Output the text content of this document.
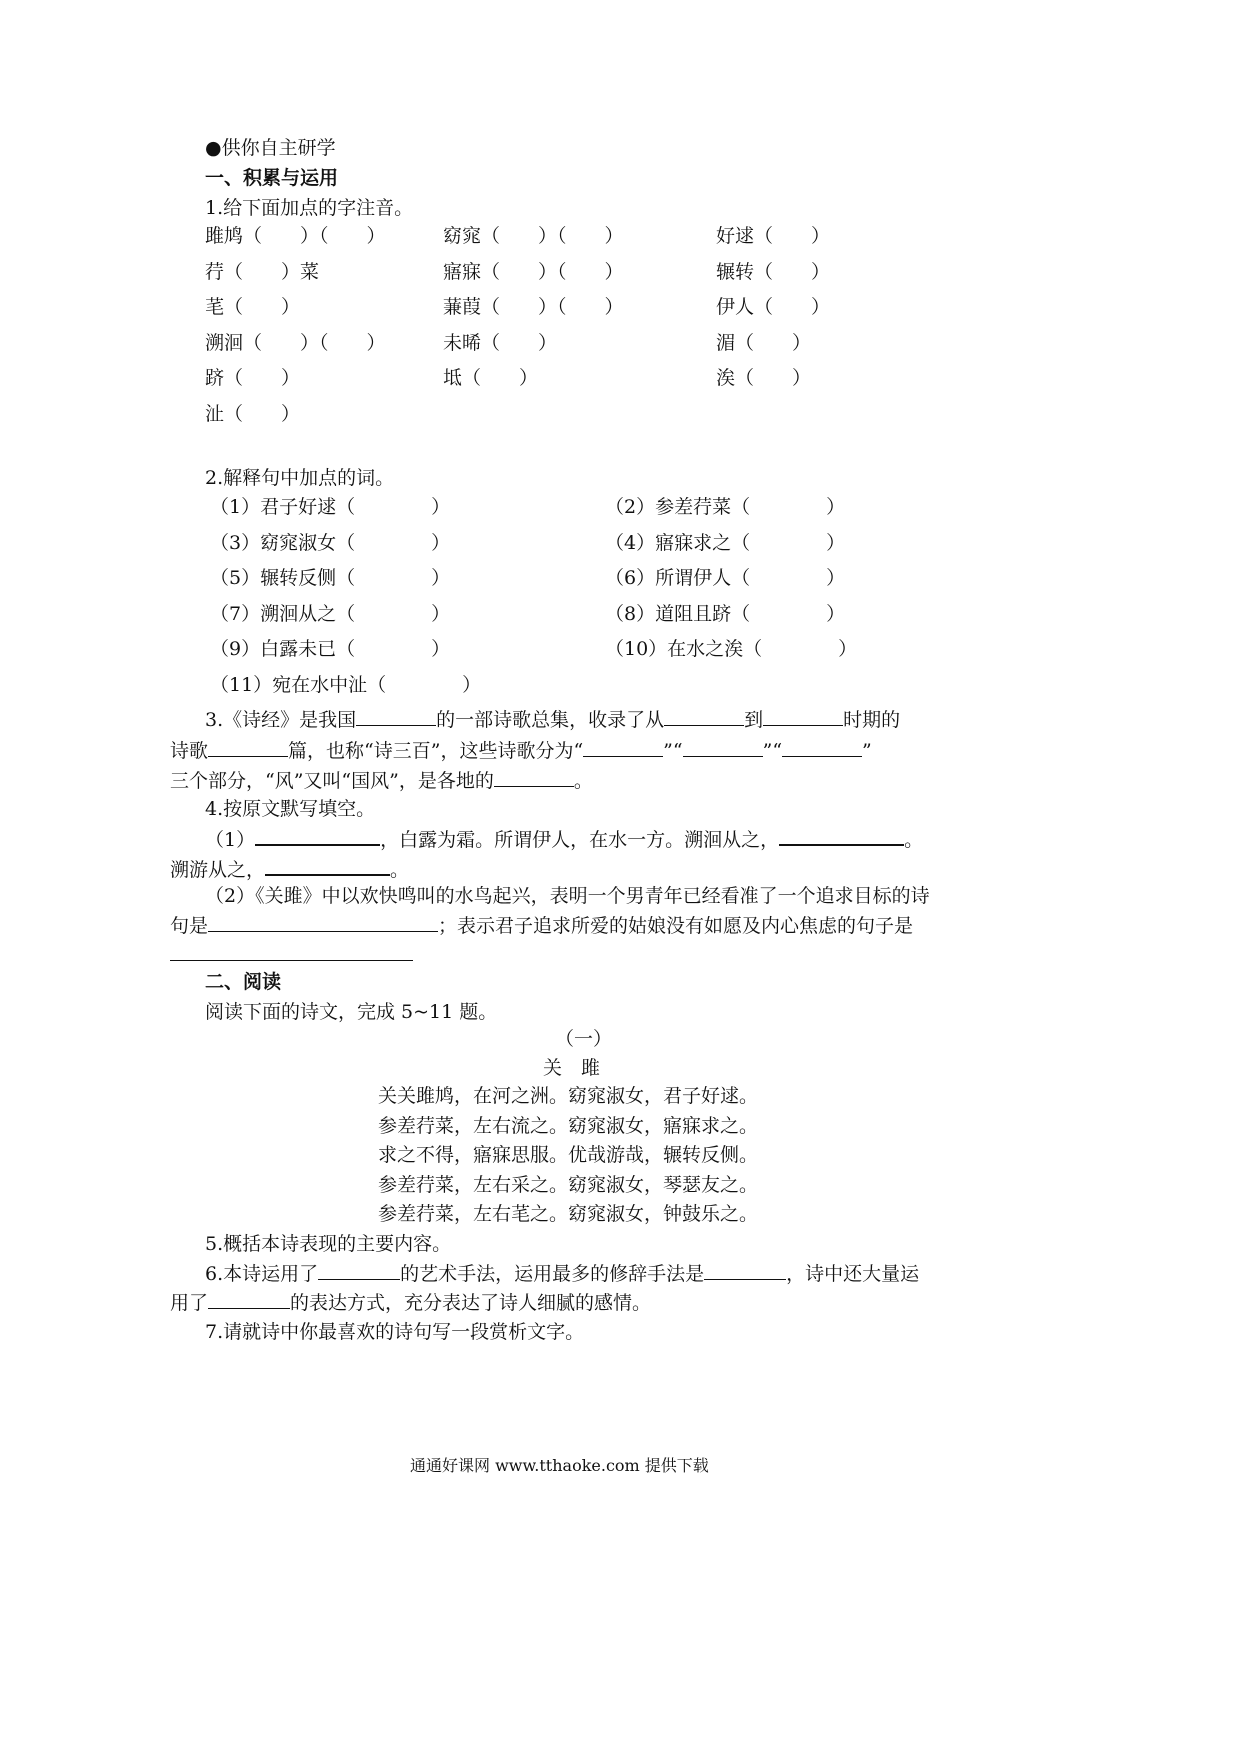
●供你自主研学
一、积累与运用
1.给下面加点的字注音。
雎鸠（　　）（　　）	窈窕（　　）（　　）	好逑（　　）
荇（　　）菜	寤寐（　　）（　　）	辗转（　　）
芼（　　）	蒹葭（　　）（　　）	伊人（　　）
溯洄（　　）（　　）	未晞（　　）	湄（　　）
跻（　　）	坻（　　）	涘（　　）
沚（　　）
2.解释句中加点的词。
（1）君子好逑（　　　　）	（2）参差荇菜（　　　　）
（3）窈窕淑女（　　　　）	（4）寤寐求之（　　　　）
（5）辗转反侧（　　　　）	（6）所谓伊人（　　　　）
（7）溯洄从之（　　　　）	（8）道阻且跻（　　　　）
（9）白露未已（　　　　）	（10）在水之涘（　　　　）
（11）宛在水中沚（　　　　）
3.《诗经》是我国	的一部诗歌总集，收录了从	到	时期的
诗歌	篇，也称“诗三百”，这些诗歌分为“	”“	”“	”
三个部分，“风”又叫“国风”，是各地的	。
4.按原文默写填空。
（1）	，白露为霜。所谓伊人，在水一方。溯洄从之，	。
溯游从之，	。
（2）《关雎》中以欢快鸣叫的水鸟起兴，表明一个男青年已经看准了一个追求目标的诗
句是	；表示君子追求所爱的姑娘没有如愿及内心焦虑的句子是
二、阅读
阅读下面的诗文，完成 5~11 题。
（一）
关　雎
关关雎鸠，在河之洲。窈窕淑女，君子好逑。
参差荇菜，左右流之。窈窕淑女，寤寐求之。
求之不得，寤寐思服。优哉游哉，辗转反侧。
参差荇菜，左右采之。窈窕淑女，琴瑟友之。
参差荇菜，左右芼之。窈窕淑女，钟鼓乐之。
5.概括本诗表现的主要内容。
6.本诗运用了	的艺术手法，运用最多的修辞手法是	，诗中还大量运
用了	的表达方式，充分表达了诗人细腻的感情。
7.请就诗中你最喜欢的诗句写一段赏析文字。
通通好课网 www.tthaoke.com 提供下载
